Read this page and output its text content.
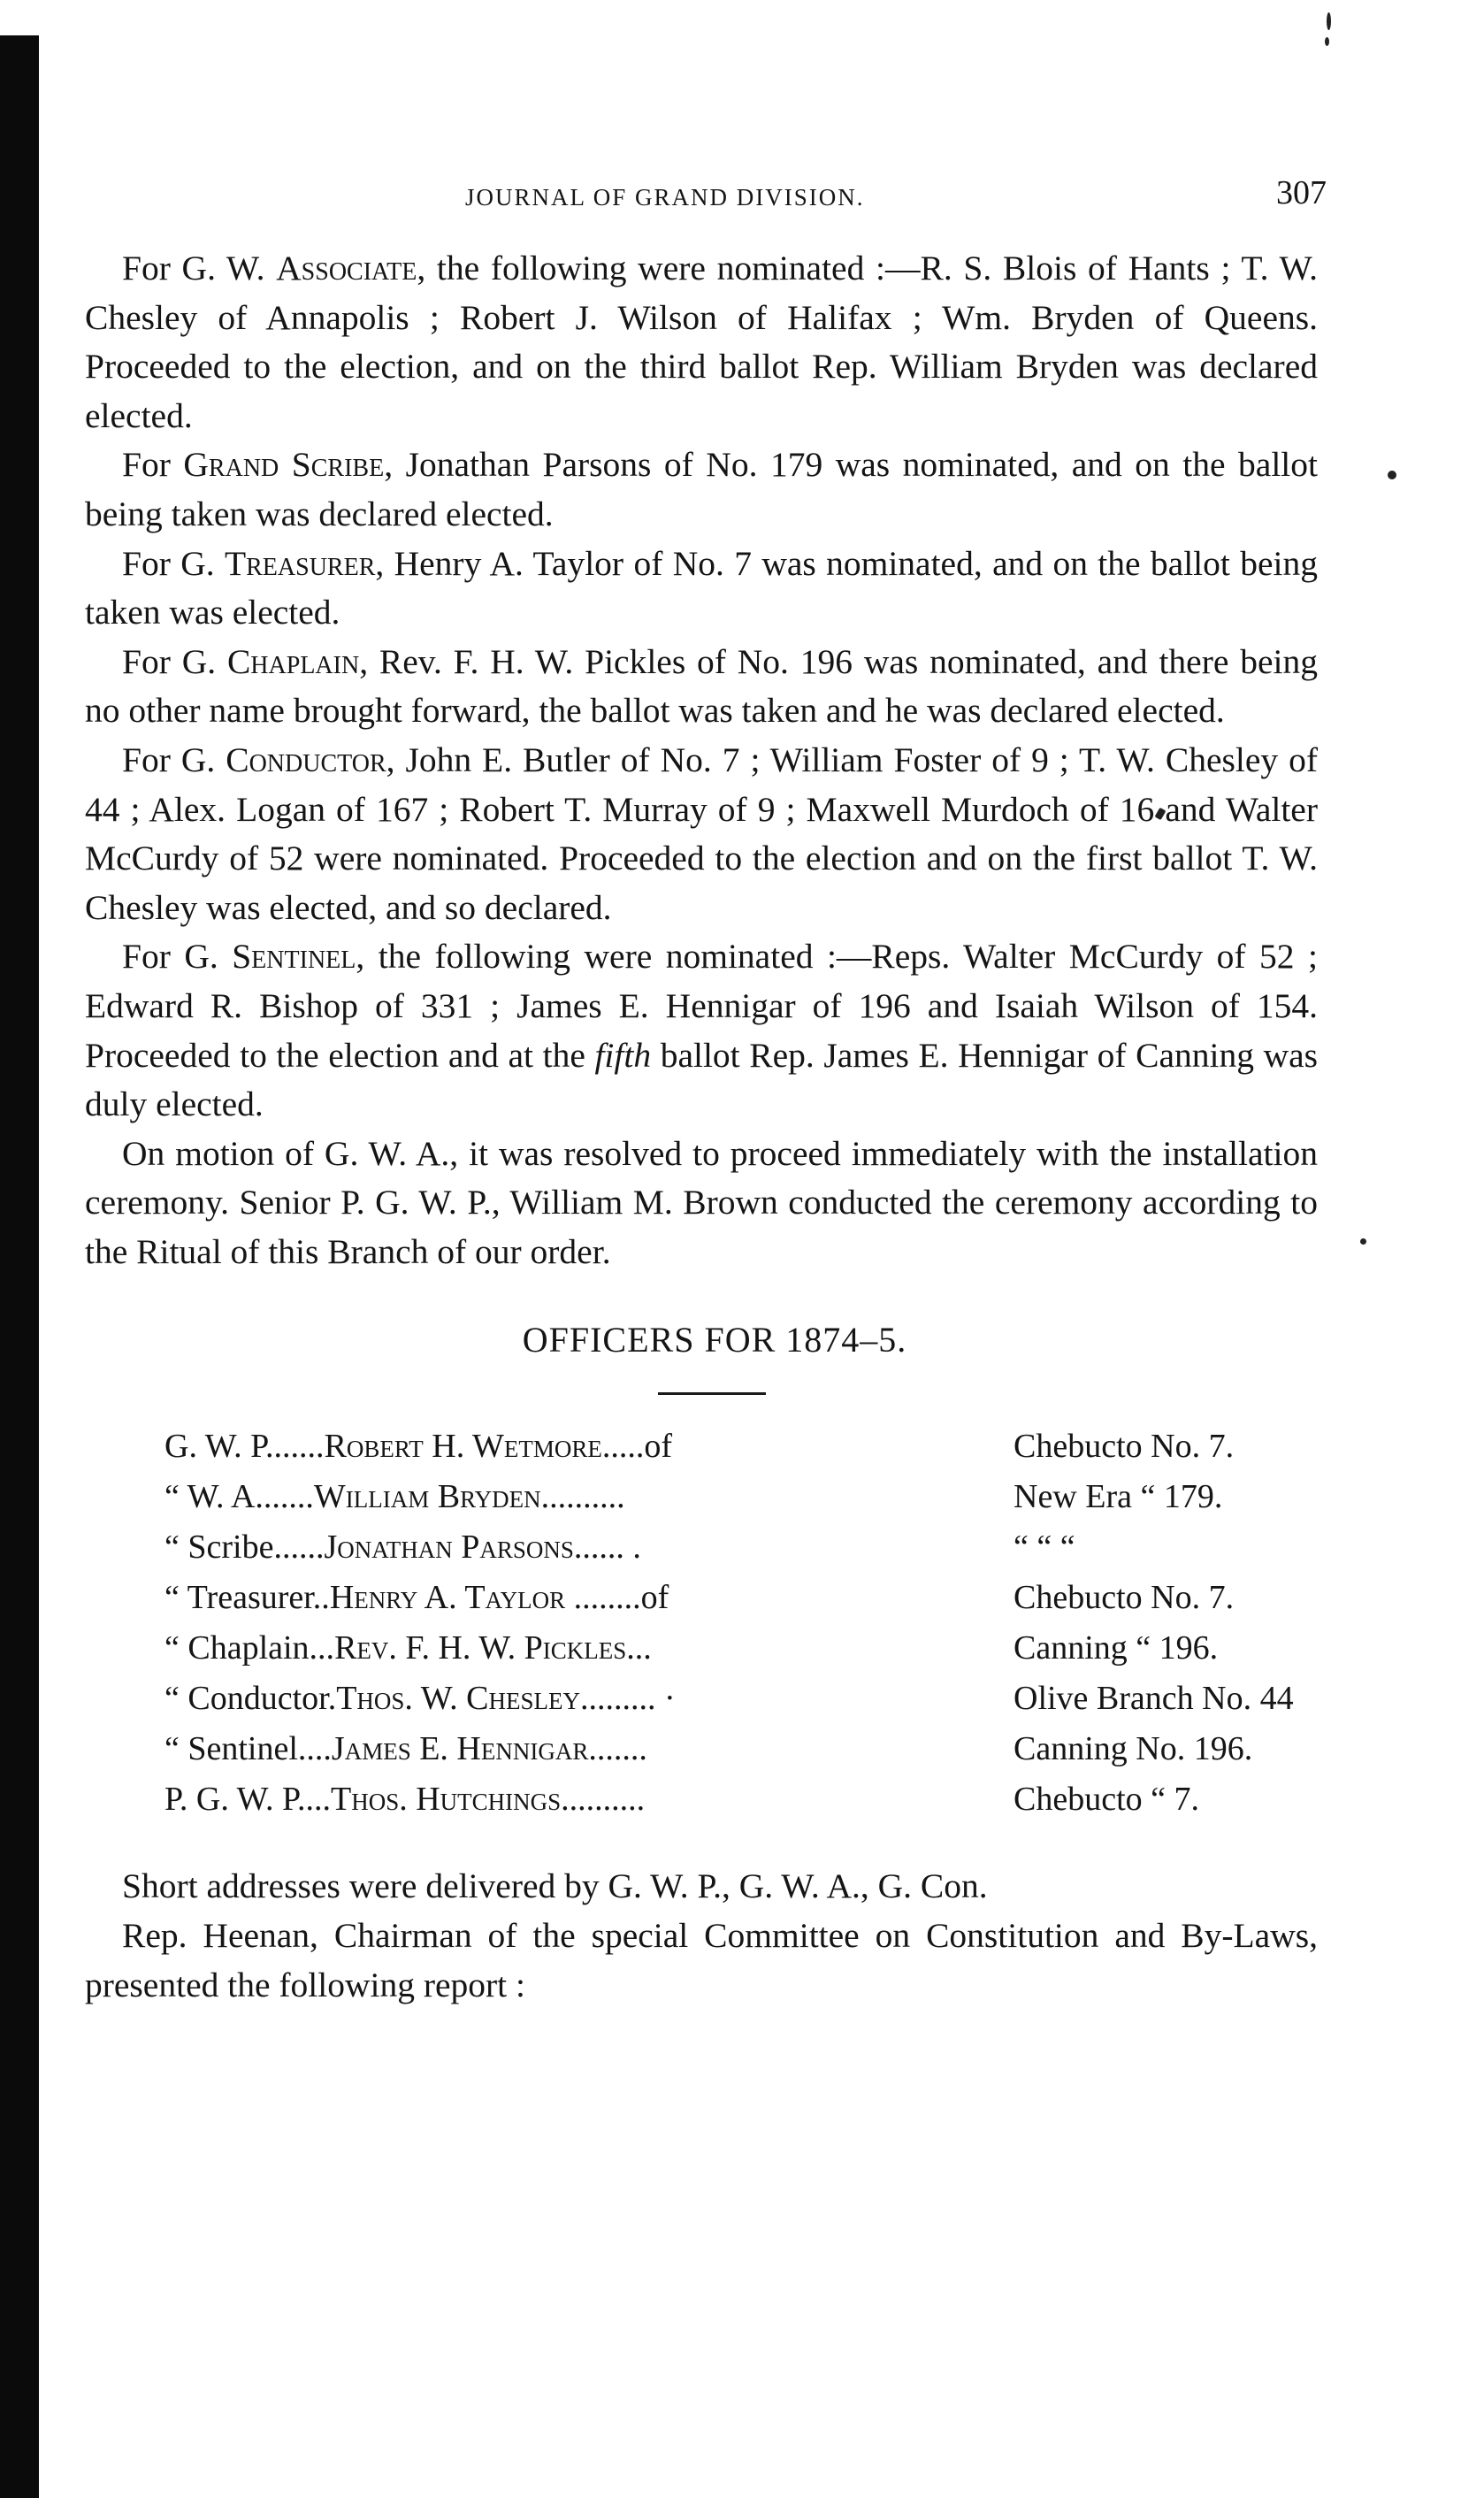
JOURNAL OF GRAND DIVISION.	307

For G. W. Associate, the following were nominated :—R. S. Blois of Hants ; T. W. Chesley of Annapolis ; Robert J. Wilson of Halifax ; Wm. Bryden of Queens. Proceeded to the election, and on the third ballot Rep. William Bryden was declared elected.

For Grand Scribe, Jonathan Parsons of No. 179 was nominated, and on the ballot being taken was declared elected.

For G. Treasurer, Henry A. Taylor of No. 7 was nominated, and on the ballot being taken was elected.

For G. Chaplain, Rev. F. H. W. Pickles of No. 196 was nominated, and there being no other name brought forward, the ballot was taken and he was declared elected.

For G. Conductor, John E. Butler of No. 7 ; William Foster of 9 ; T. W. Chesley of 44 ; Alex. Logan of 167 ; Robert T. Murray of 9 ; Maxwell Murdoch of 16 and Walter McCurdy of 52 were nominated. Proceeded to the election and on the first ballot T. W. Chesley was elected, and so declared.

For G. Sentinel, the following were nominated :—Reps. Walter McCurdy of 52 ; Edward R. Bishop of 331 ; James E. Hennigar of 196 and Isaiah Wilson of 154. Proceeded to the election and at the fifth ballot Rep. James E. Hennigar of Canning was duly elected.

On motion of G. W. A., it was resolved to proceed immediately with the installation ceremony. Senior P. G. W. P., William M. Brown conducted the ceremony according to the Ritual of this Branch of our order.

OFFICERS FOR 1874–5.
G. W. P.......Robert H. Wetmore.....of	Chebucto No. 7.
“ W. A.......William Bryden..........	New Era “ 179.
“ Scribe......Jonathan Parsons...... .	“ “ “
“ Treasurer..Henry A. Taylor ........of	Chebucto No. 7.
“ Chaplain...Rev. F. H. W. Pickles...	Canning “ 196.
“ Conductor.Thos. W. Chesley......... ·	Olive Branch No. 44
“ Sentinel....James E. Hennigar.......	Canning No. 196.
P. G. W. P....Thos. Hutchings..........	Chebucto “ 7.

Short addresses were delivered by G. W. P., G. W. A., G. Con.

Rep. Heenan, Chairman of the special Committee on Constitution and By-Laws, presented the following report :
